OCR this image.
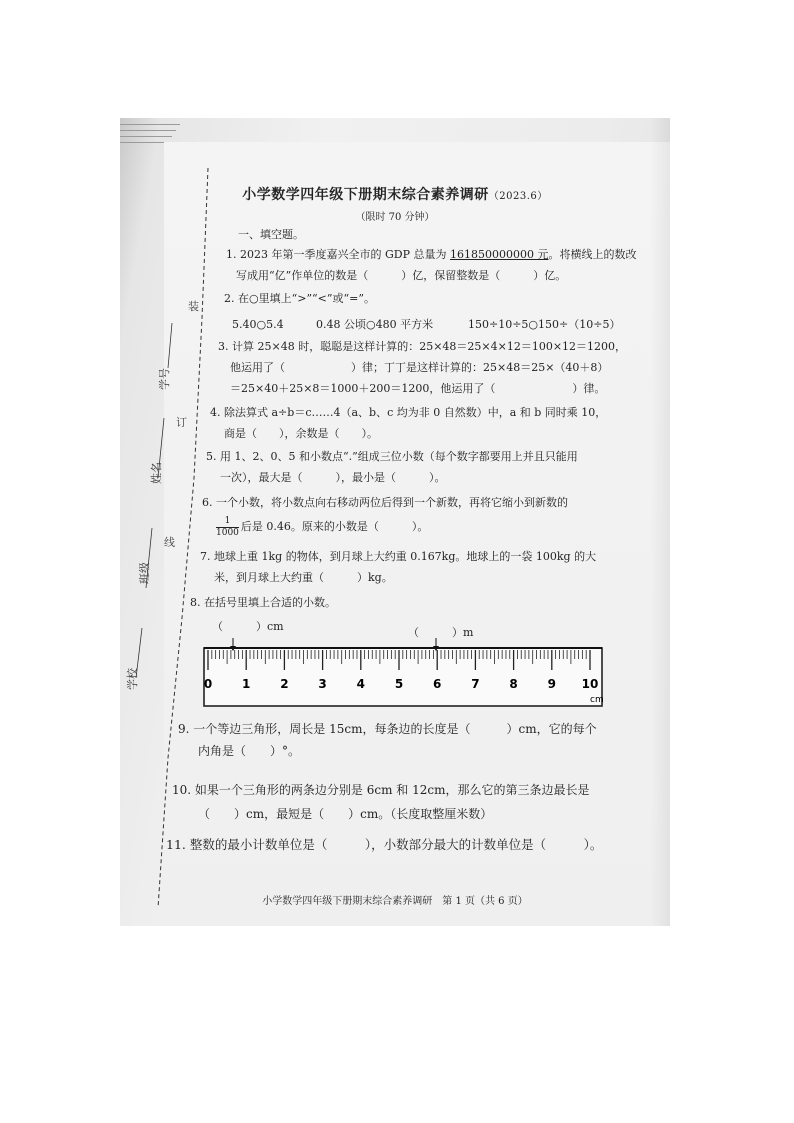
学号
姓名
班级
学校
装
订
线
小学数学四年级下册期末综合素养调研（2023.6）
（限时 70 分钟）
一、填空题。
1. 2023 年第一季度嘉兴全市的 GDP 总量为 161850000000 元。将横线上的数改
写成用“亿”作单位的数是（　　　）亿，保留整数是（　　　）亿。
2. 在○里填上“>”“<”或“=”。
5.40○5.4	0.48 公顷○480 平方米	150÷10÷5○150÷（10÷5）
3. 计算 25×48 时，聪聪是这样计算的：25×48＝25×4×12＝100×12＝1200，
他运用了（　　　　　　）律；丁丁是这样计算的：25×48＝25×（40＋8）
＝25×40＋25×8＝1000＋200＝1200，他运用了（　　　　　　　）律。
4. 除法算式 a÷b＝c……4（a、b、c 均为非 0 自然数）中，a 和 b 同时乘 10，
商是（　　），余数是（　　）。
5. 用 1、2、0、5 和小数点“.”组成三位小数（每个数字都要用上并且只能用
一次），最大是（　　　），最小是（　　　）。
6. 一个小数，将小数点向右移动两位后得到一个新数，再将它缩小到新数的
$\frac{1}{1000}$ 后是 0.46。原来的小数是（　　　）。
7. 地球上重 1kg 的物体，到月球上大约重 0.167kg。地球上的一袋 100kg 的大
米，到月球上大约重（　　　）kg。
8. 在括号里填上合适的小数。
（　　　）cm	（　　　）m
0 1 2 3 4 5 6 7 8 9 10
cm
9. 一个等边三角形，周长是 15cm，每条边的长度是（　　　）cm，它的每个
内角是（　　）°。
10. 如果一个三角形的两条边分别是 6cm 和 12cm，那么它的第三条边最长是
（　　）cm，最短是（　　）cm。（长度取整厘米数）
11. 整数的最小计数单位是（　　　），小数部分最大的计数单位是（　　　）。
小学数学四年级下册期末综合素养调研　第 1 页（共 6 页）
